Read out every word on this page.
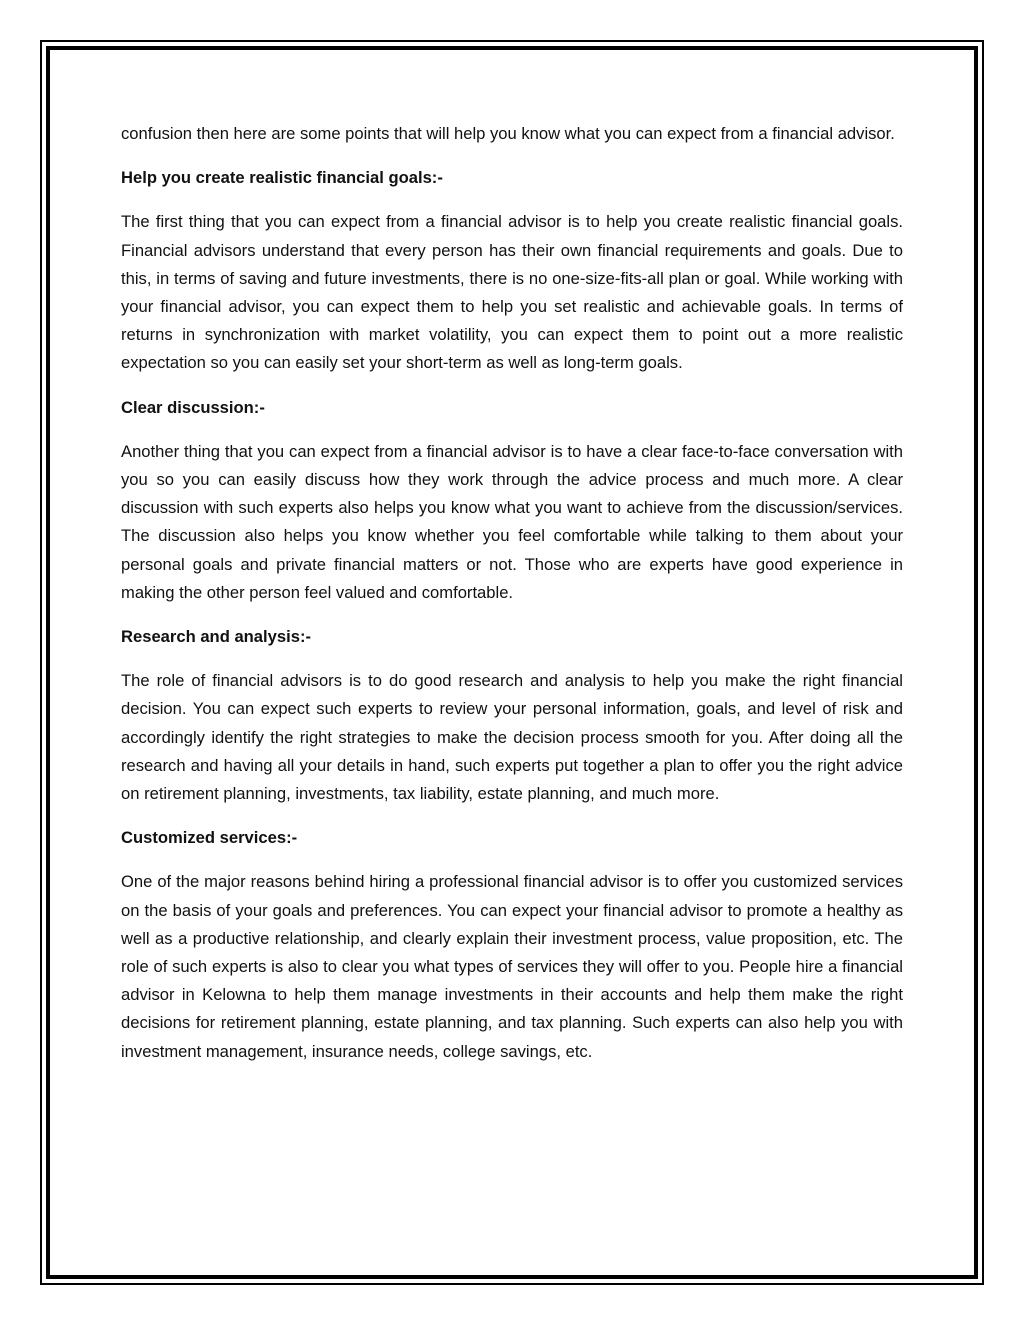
confusion then here are some points that will help you know what you can expect from a financial advisor.

Help you create realistic financial goals:-

The first thing that you can expect from a financial advisor is to help you create realistic financial goals. Financial advisors understand that every person has their own financial requirements and goals. Due to this, in terms of saving and future investments, there is no one-size-fits-all plan or goal. While working with your financial advisor, you can expect them to help you set realistic and achievable goals. In terms of returns in synchronization with market volatility, you can expect them to point out a more realistic expectation so you can easily set your short-term as well as long-term goals.

Clear discussion:-

Another thing that you can expect from a financial advisor is to have a clear face-to-face conversation with you so you can easily discuss how they work through the advice process and much more. A clear discussion with such experts also helps you know what you want to achieve from the discussion/services. The discussion also helps you know whether you feel comfortable while talking to them about your personal goals and private financial matters or not. Those who are experts have good experience in making the other person feel valued and comfortable.

Research and analysis:-

The role of financial advisors is to do good research and analysis to help you make the right financial decision. You can expect such experts to review your personal information, goals, and level of risk and accordingly identify the right strategies to make the decision process smooth for you. After doing all the research and having all your details in hand, such experts put together a plan to offer you the right advice on retirement planning, investments, tax liability, estate planning, and much more.

Customized services:-

One of the major reasons behind hiring a professional financial advisor is to offer you customized services on the basis of your goals and preferences. You can expect your financial advisor to promote a healthy as well as a productive relationship, and clearly explain their investment process, value proposition, etc. The role of such experts is also to clear you what types of services they will offer to you. People hire a financial advisor in Kelowna to help them manage investments in their accounts and help them make the right decisions for retirement planning, estate planning, and tax planning. Such experts can also help you with investment management, insurance needs, college savings, etc.
